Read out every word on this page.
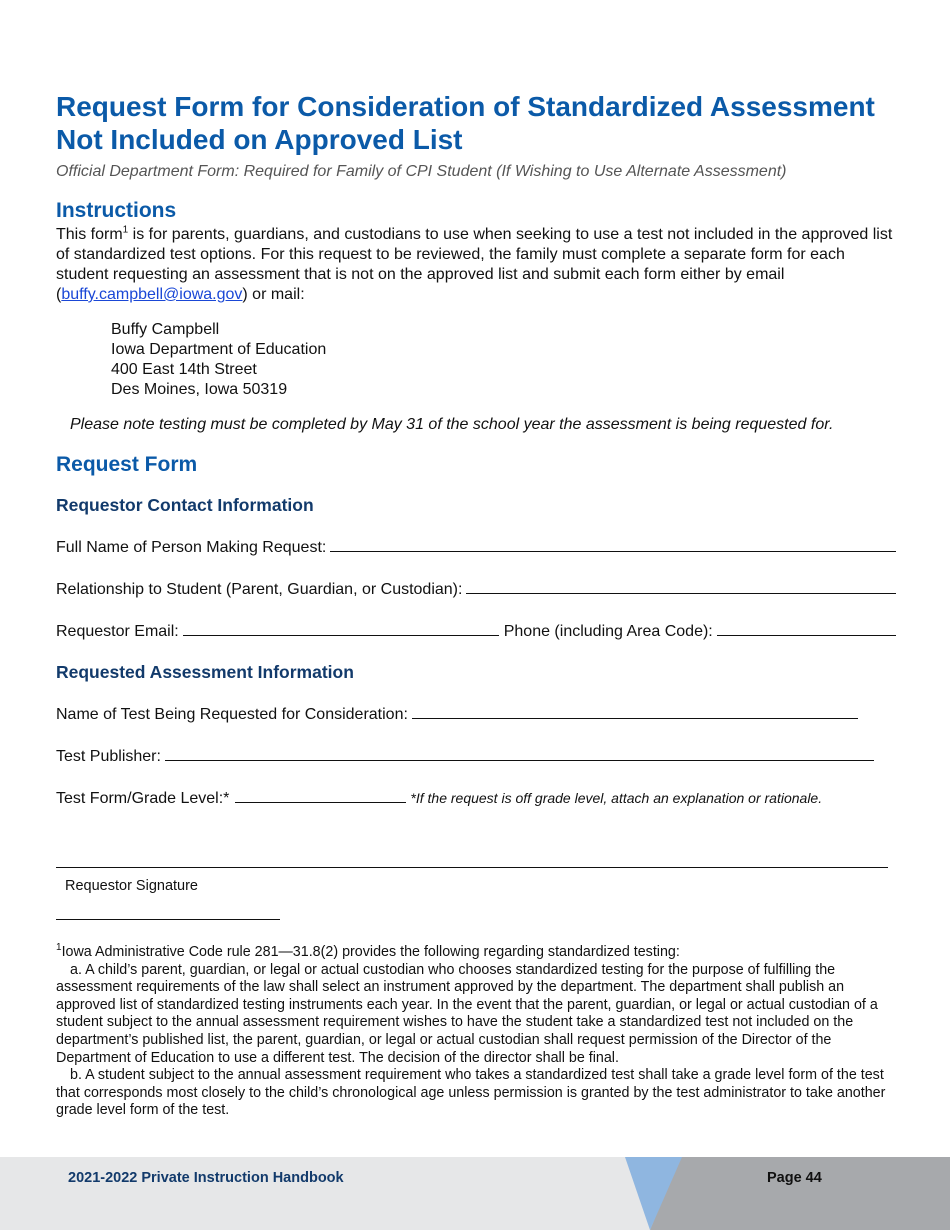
Request Form for Consideration of Standardized Assessment Not Included on Approved List
Official Department Form: Required for Family of CPI Student (If Wishing to Use Alternate Assessment)
Instructions
This form$^1$ is for parents, guardians, and custodians to use when seeking to use a test not included in the approved list of standardized test options. For this request to be reviewed, the family must complete a separate form for each student requesting an assessment that is not on the approved list and submit each form either by email (buffy.campbell@iowa.gov) or mail:
Buffy Campbell
Iowa Department of Education
400 East 14th Street
Des Moines, Iowa 50319
Please note testing must be completed by May 31 of the school year the assessment is being requested for.
Request Form
Requestor Contact Information
Full Name of Person Making Request:
Relationship to Student (Parent, Guardian, or Custodian):
Requestor Email:	Phone (including Area Code):
Requested Assessment Information
Name of Test Being Requested for Consideration:
Test Publisher:
Test Form/Grade Level:*	*If the request is off grade level, attach an explanation or rationale.
Requestor Signature

$^1$Iowa Administrative Code rule 281—31.8(2) provides the following regarding standardized testing:

a. A child’s parent, guardian, or legal or actual custodian who chooses standardized testing for the purpose of fulfilling the assessment requirements of the law shall select an instrument approved by the department. The department shall publish an approved list of standardized testing instruments each year. In the event that the parent, guardian, or legal or actual custodian of a student subject to the annual assessment requirement wishes to have the student take a standardized test not included on the department’s published list, the parent, guardian, or legal or actual custodian shall request permission of the Director of the Department of Education to use a different test. The decision of the director shall be final.

b. A student subject to the annual assessment requirement who takes a standardized test shall take a grade level form of the test that corresponds most closely to the child’s chronological age unless permission is granted by the test administrator to take another grade level form of the test.

2021-2022 Private Instruction Handbook	Page 44
